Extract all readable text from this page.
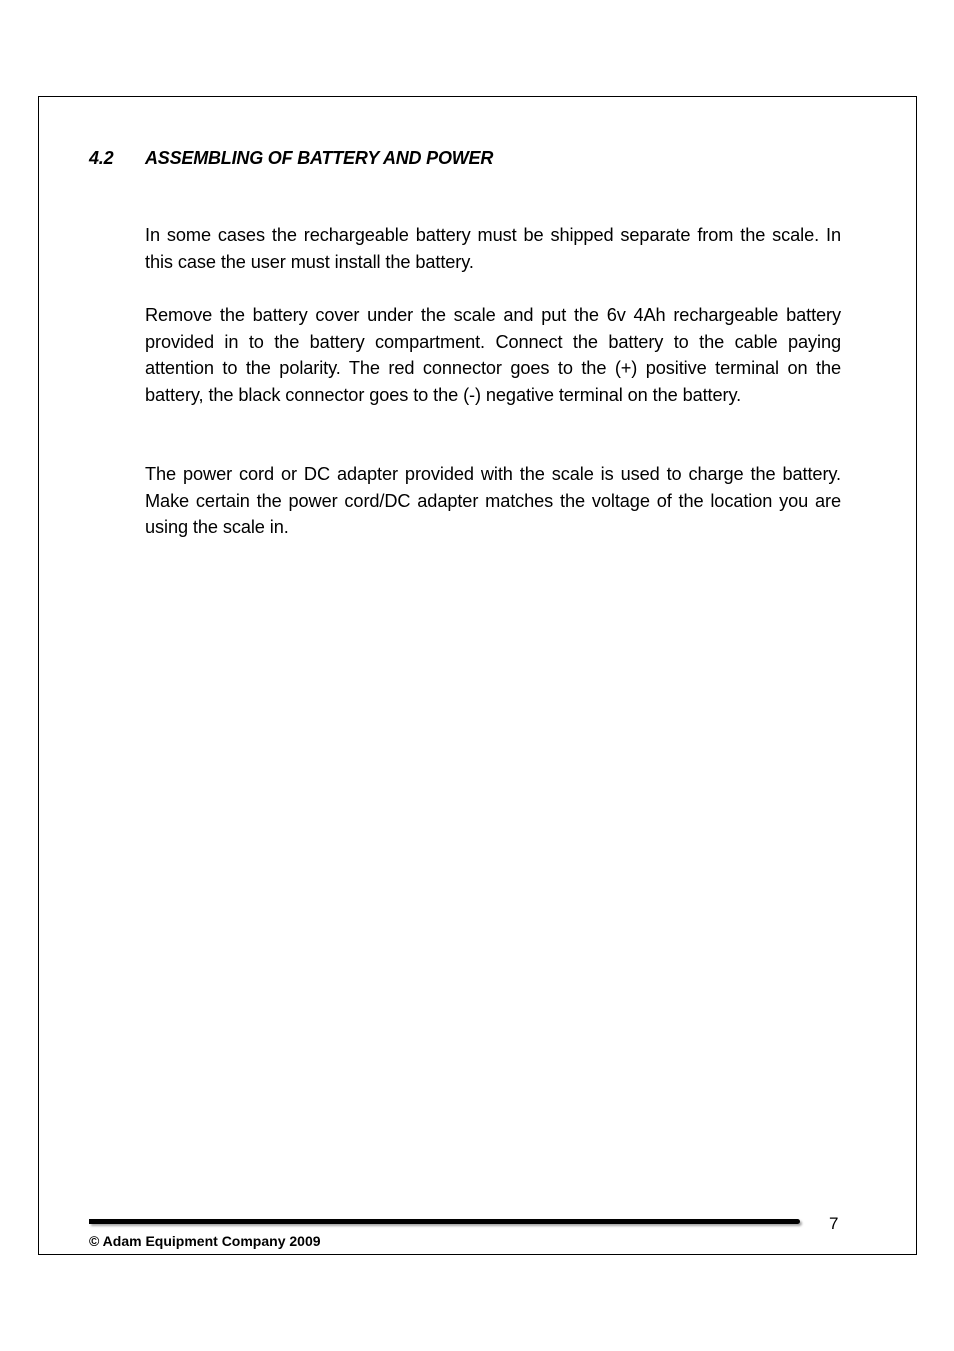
4.2 ASSEMBLING OF BATTERY AND POWER

In some cases the rechargeable battery must be shipped separate from the scale. In this case the user must install the battery.

Remove the battery cover under the scale and put the 6v 4Ah rechargeable battery provided in to the battery compartment. Connect the battery to the cable paying attention to the polarity. The red connector goes to the (+) positive terminal on the battery, the black connector goes to the (-) negative terminal on the battery.

The power cord or DC adapter provided with the scale is used to charge the battery. Make certain the power cord/DC adapter matches the voltage of the location you are using the scale in.

7
© Adam Equipment Company 2009
